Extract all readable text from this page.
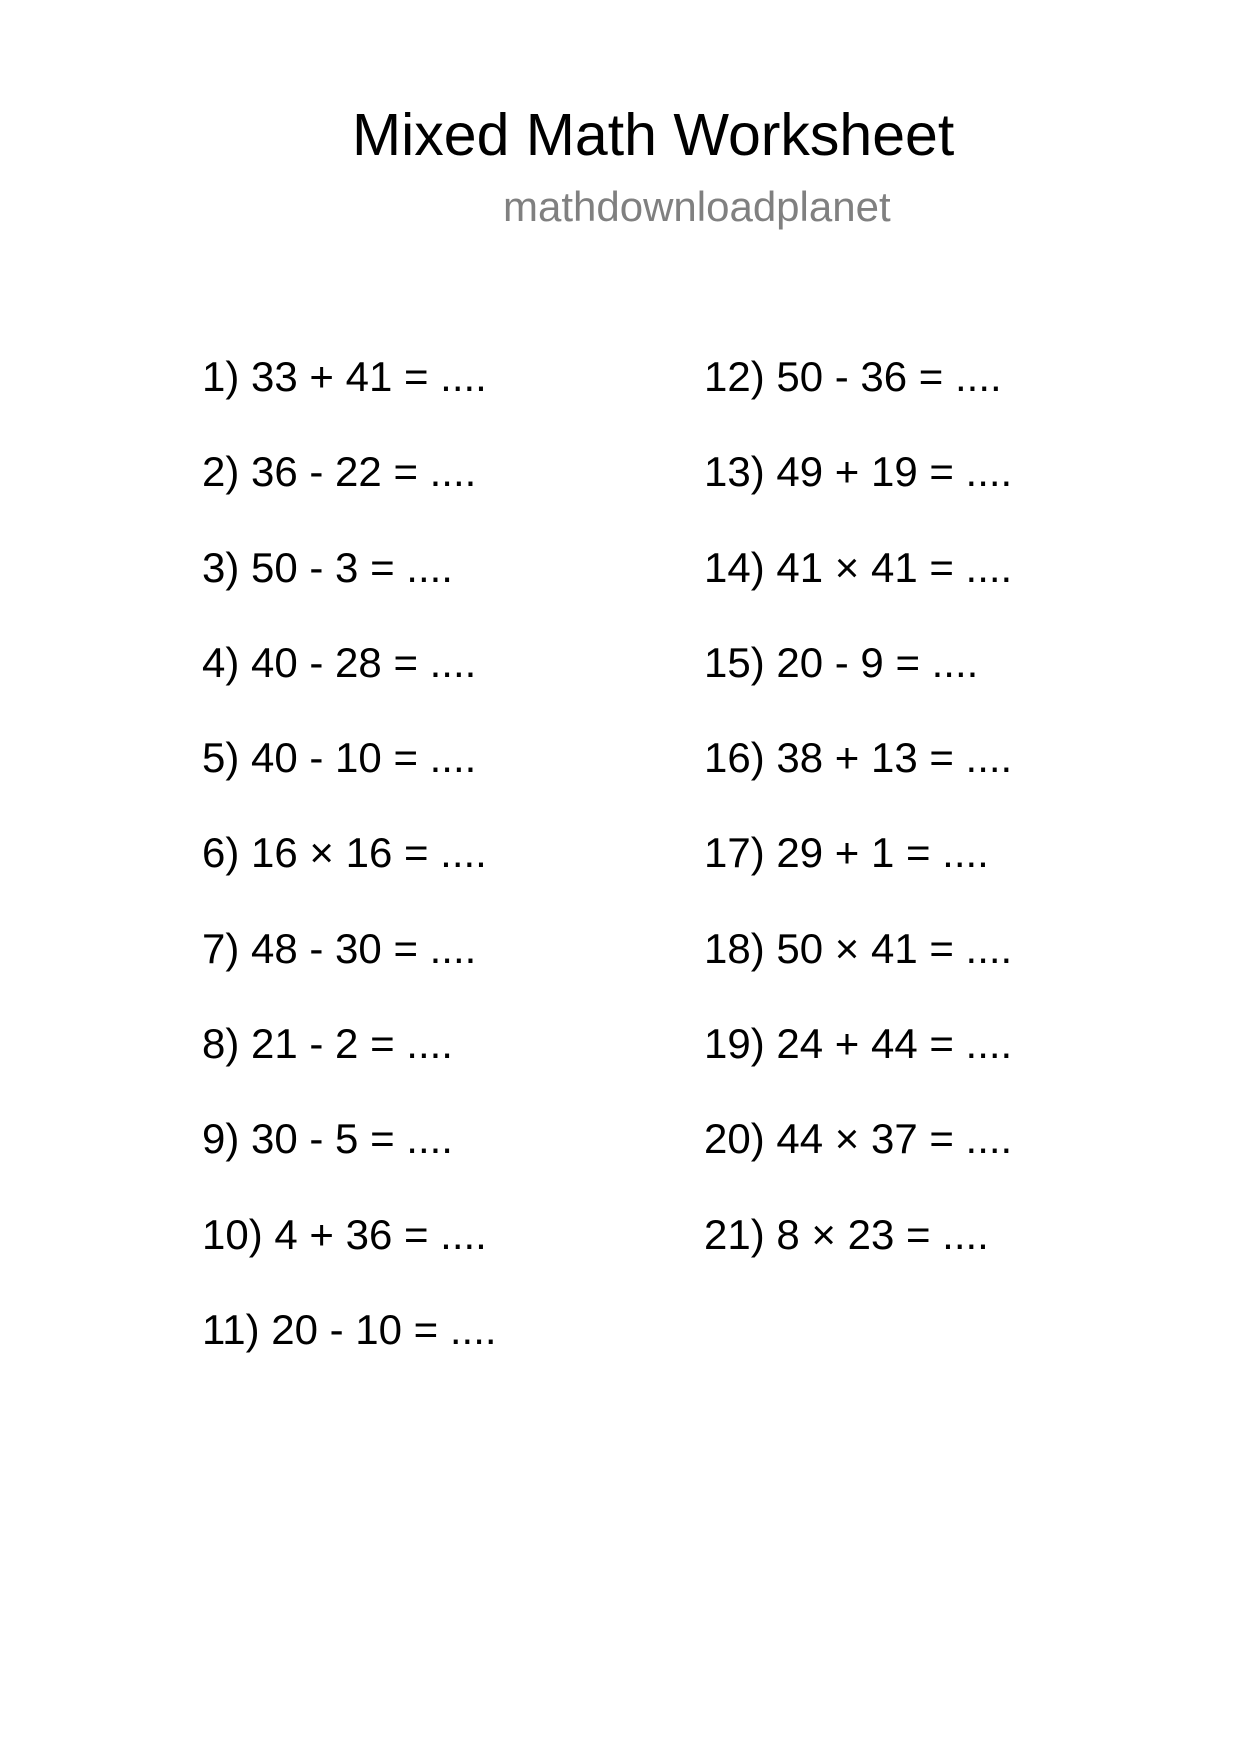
Mixed Math Worksheet
mathdownloadplanet
1) 33 + 41 = ....
2) 36 - 22 = ....
3) 50 - 3 = ....
4) 40 - 28 = ....
5) 40 - 10 = ....
6) 16 × 16 = ....
7) 48 - 30 = ....
8) 21 - 2 = ....
9) 30 - 5 = ....
10) 4 + 36 = ....
11) 20 - 10 = ....
12) 50 - 36 = ....
13) 49 + 19 = ....
14) 41 × 41 = ....
15) 20 - 9 = ....
16) 38 + 13 = ....
17) 29 + 1 = ....
18) 50 × 41 = ....
19) 24 + 44 = ....
20) 44 × 37 = ....
21) 8 × 23 = ....
